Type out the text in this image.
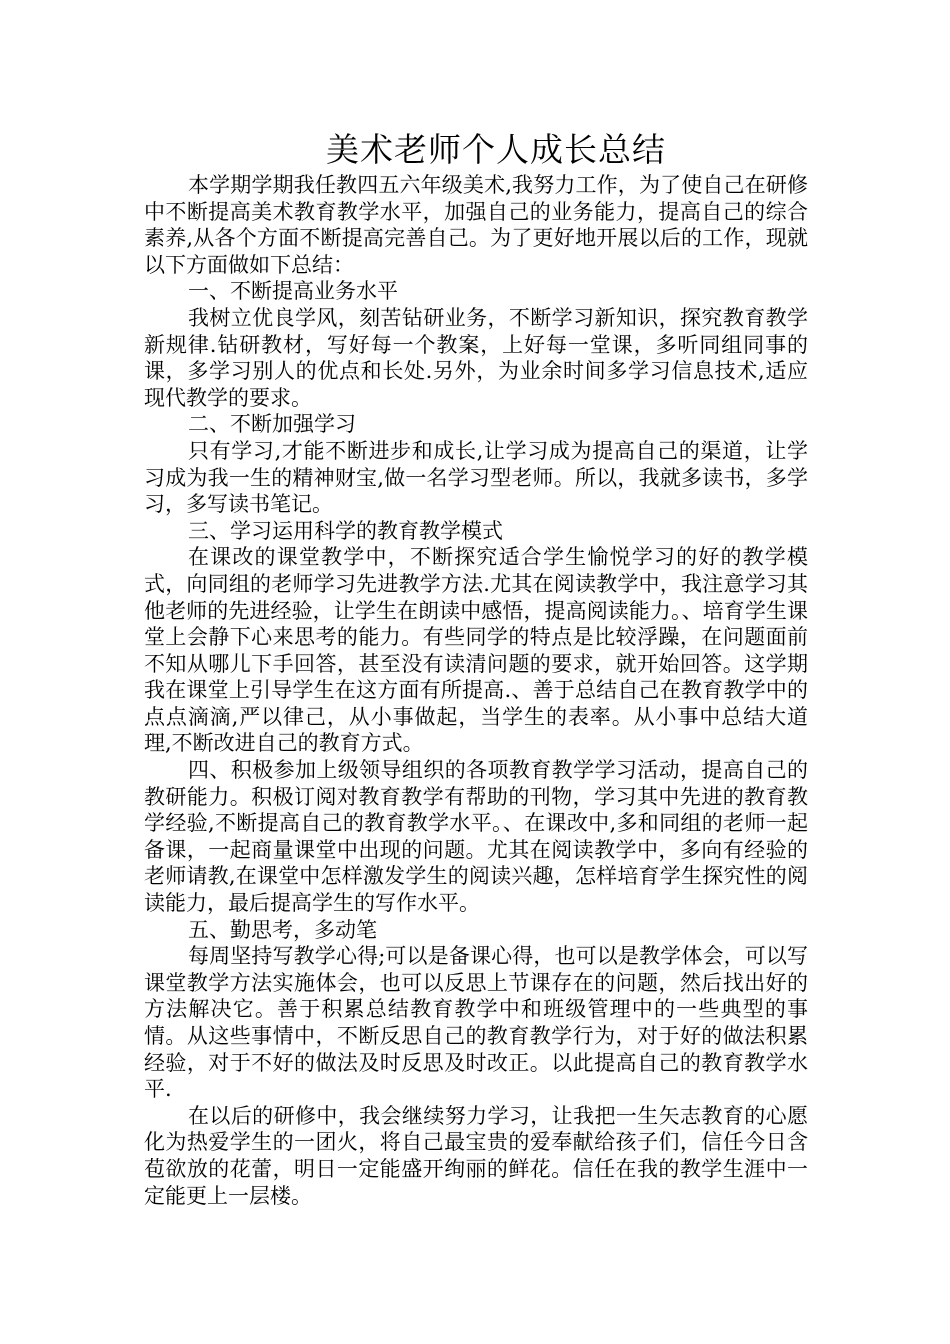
美术老师个人成长总结

本学期学期我任教四五六年级美术,我努力工作，为了使自己在研修中不断提高美术教育教学水平，加强自己的业务能力，提高自己的综合素养,从各个方面不断提高完善自己。为了更好地开展以后的工作，现就以下方面做如下总结：

一、不断提高业务水平

我树立优良学风，刻苦钻研业务，不断学习新知识，探究教育教学新规律.钻研教材，写好每一个教案，上好每一堂课，多听同组同事的课，多学习别人的优点和长处.另外，为业余时间多学习信息技术,适应现代教学的要求。

二、不断加强学习

只有学习,才能不断进步和成长,让学习成为提高自己的渠道，让学习成为我一生的精神财宝,做一名学习型老师。所以，我就多读书，多学习，多写读书笔记。

三、学习运用科学的教育教学模式

在课改的课堂教学中，不断探究适合学生愉悦学习的好的教学模式，向同组的老师学习先进教学方法.尤其在阅读教学中，我注意学习其他老师的先进经验，让学生在朗读中感悟，提高阅读能力。、培育学生课堂上会静下心来思考的能力。有些同学的特点是比较浮躁，在问题面前不知从哪儿下手回答，甚至没有读清问题的要求，就开始回答。这学期我在课堂上引导学生在这方面有所提高.、善于总结自己在教育教学中的点点滴滴,严以律己，从小事做起，当学生的表率。从小事中总结大道理,不断改进自己的教育方式。

四、积极参加上级领导组织的各项教育教学学习活动，提高自己的教研能力。积极订阅对教育教学有帮助的刊物，学习其中先进的教育教学经验,不断提高自己的教育教学水平。、在课改中,多和同组的老师一起备课，一起商量课堂中出现的问题。尤其在阅读教学中，多向有经验的老师请教,在课堂中怎样激发学生的阅读兴趣，怎样培育学生探究性的阅读能力，最后提高学生的写作水平。

五、勤思考，多动笔

每周坚持写教学心得;可以是备课心得，也可以是教学体会，可以写课堂教学方法实施体会，也可以反思上节课存在的问题，然后找出好的方法解决它。善于积累总结教育教学中和班级管理中的一些典型的事情。从这些事情中，不断反思自己的教育教学行为，对于好的做法积累经验，对于不好的做法及时反思及时改正。以此提高自己的教育教学水平.

在以后的研修中，我会继续努力学习，让我把一生矢志教育的心愿化为热爱学生的一团火，将自己最宝贵的爱奉献给孩子们，信任今日含苞欲放的花蕾，明日一定能盛开绚丽的鲜花。信任在我的教学生涯中一定能更上一层楼。
